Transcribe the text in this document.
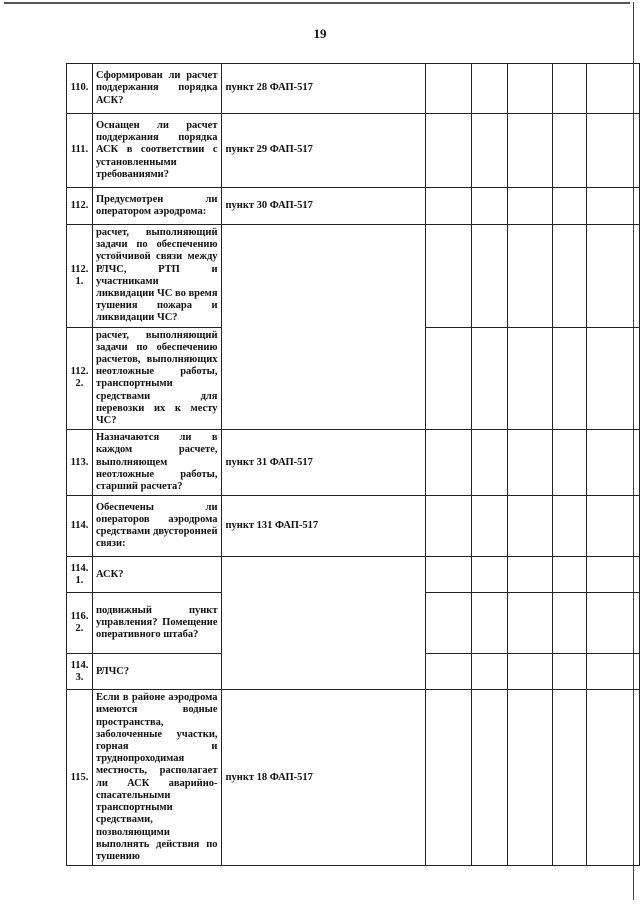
19
110.	Сформирован ли расчет поддержания порядка АСК?	пункт 28 ФАП-517					
111.	Оснащен ли расчет поддержания порядка АСК в соответствии с установленными требованиями?	пункт 29 ФАП-517					
112.	Предусмотрен ли оператором аэродрома:	пункт 30 ФАП-517					
112. 1.	расчет, выполняющий задачи по обеспечению устойчивой связи между РЛЧС, РТП и участниками ликвидации ЧС во время тушения пожара и ликвидации ЧС?						
112. 2.	расчет, выполняющий задачи по обеспечению расчетов, выполняющих неотложные работы, транспортными средствами для перевозки их к месту ЧС?						
113.	Назначаются ли в каждом расчете, выполняющем неотложные работы, старший расчета?	пункт 31 ФАП-517					
114.	Обеспечены ли операторов аэродрома средствами двусторонней связи:	пункт 131 ФАП-517					
114. 1.	АСК?						
116. 2.	подвижный пункт управления? Помещение оперативного штаба?						
114. 3.	РЛЧС?						
115.	Если в районе аэродрома имеются водные пространства, заболоченные участки, горная и труднопроходимая местность, располагает ли АСК аварийно-спасательными транспортными средствами, позволяющими выполнять действия по тушению	пункт 18 ФАП-517					
